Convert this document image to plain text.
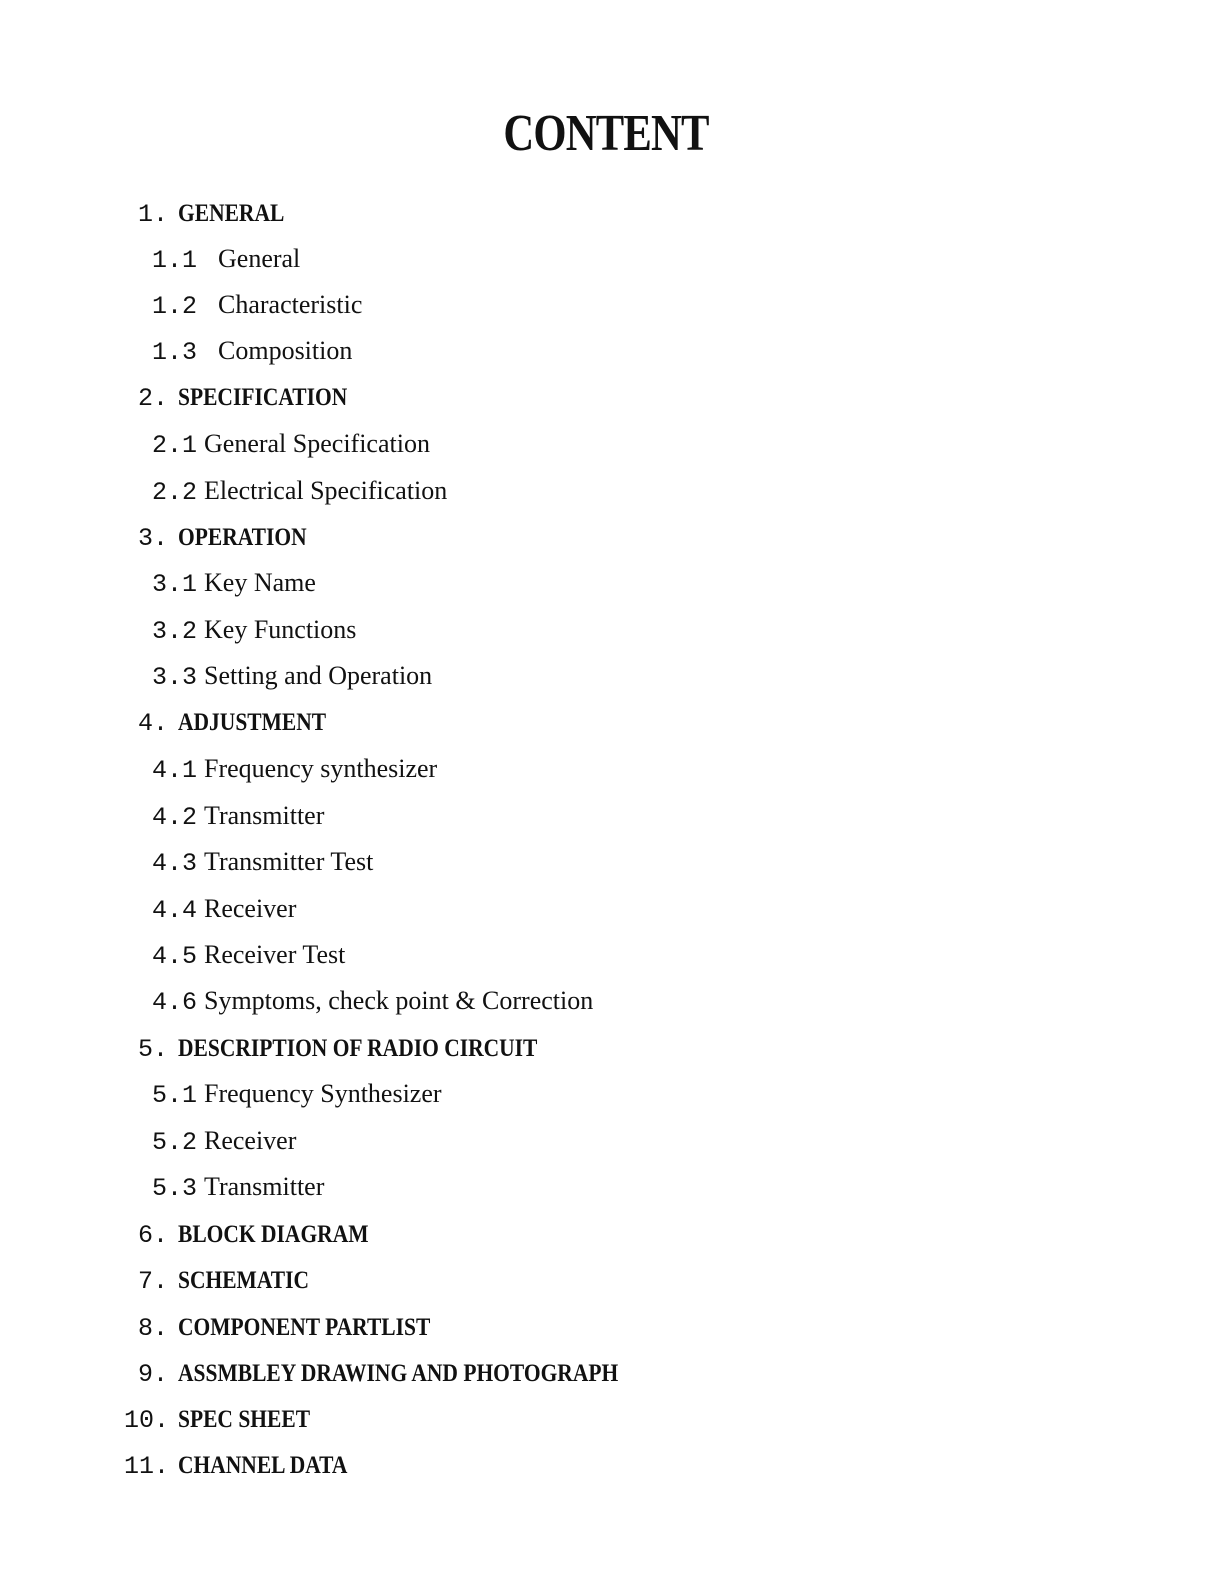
CONTENT
1. GENERAL
1.1 General
1.2 Characteristic
1.3 Composition
2. SPECIFICATION
2.1 General Specification
2.2 Electrical Specification
3. OPERATION
3.1 Key Name
3.2 Key Functions
3.3 Setting and Operation
4. ADJUSTMENT
4.1 Frequency synthesizer
4.2 Transmitter
4.3 Transmitter Test
4.4 Receiver
4.5 Receiver Test
4.6 Symptoms, check point & Correction
5. DESCRIPTION OF RADIO CIRCUIT
5.1 Frequency Synthesizer
5.2 Receiver
5.3 Transmitter
6. BLOCK DIAGRAM
7. SCHEMATIC
8. COMPONENT PARTLIST
9. ASSMBLEY DRAWING AND PHOTOGRAPH
10. SPEC SHEET
11. CHANNEL DATA
